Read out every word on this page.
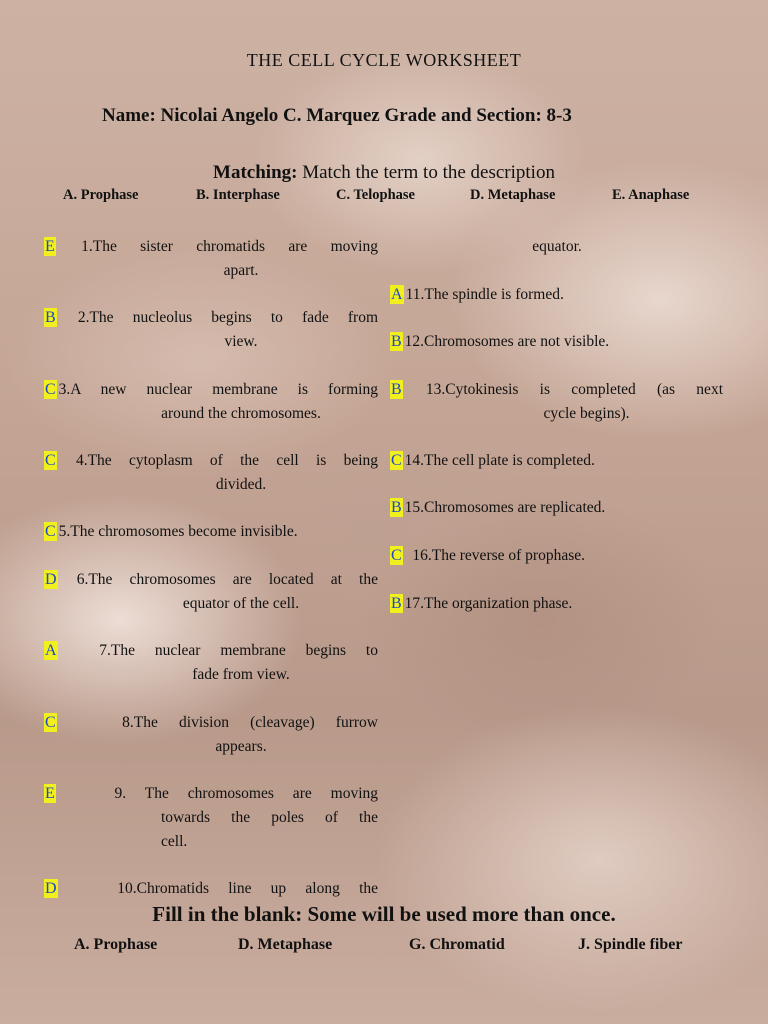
THE CELL CYCLE WORKSHEET
Name: Nicolai Angelo C. Marquez Grade and Section: 8-3
Matching: Match the term to the description
A. Prophase	B. Interphase	C. Telophase	D. Metaphase	E. Anaphase
E 1.The sister chromatids are moving
apart.
B 2.The nucleolus begins to fade from
view.
C 3.A new nuclear membrane is forming
around the chromosomes.
C 4.The cytoplasm of the cell is being
divided.
C 5.The chromosomes become invisible.
D 6.The chromosomes are located at the
equator of the cell.
A	7.The nuclear membrane begins to
fade from view.
C	8.The division (cleavage) furrow
appears.
E	9. The chromosomes are moving
towards the poles of the
cell.
D	10.Chromatids line up along the
equator.
A 11.The spindle is formed.
B 12.Chromosomes are not visible.
B 13.Cytokinesis is completed (as next
cycle begins).
C 14.The cell plate is completed.
B 15.Chromosomes are replicated.
C  16.The reverse of prophase.
B 17.The organization phase.
Fill in the blank: Some will be used more than once.
A. Prophase	D. Metaphase	G. Chromatid	J. Spindle fiber
